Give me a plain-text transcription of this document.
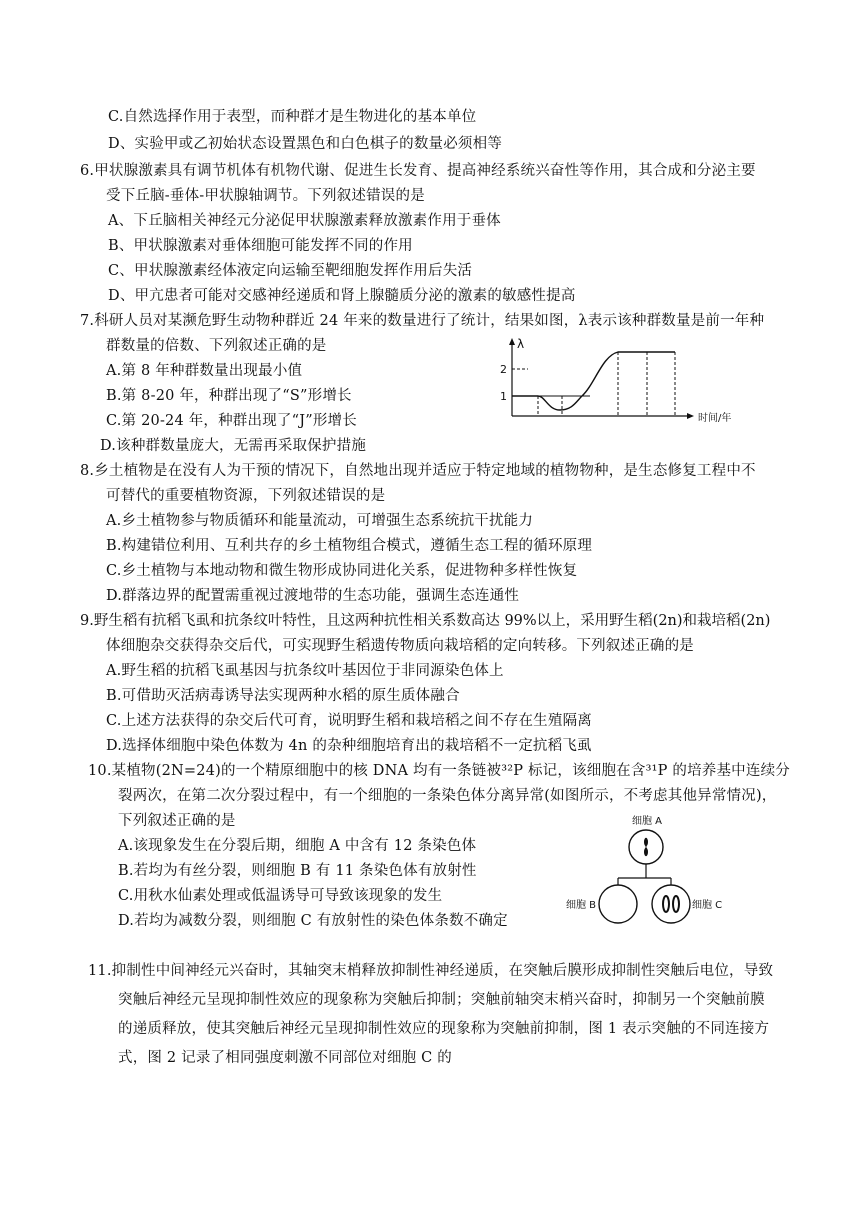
C.自然选择作用于表型，而种群才是生物进化的基本单位
D、实验甲或乙初始状态设置黑色和白色棋子的数量必须相等
6.甲状腺激素具有调节机体有机物代谢、促进生长发育、提高神经系统兴奋性等作用，其合成和分泌主要
受下丘脑-垂体-甲状腺轴调节。下列叙述错误的是
A、下丘脑相关神经元分泌促甲状腺激素释放激素作用于垂体
B、甲状腺激素对垂体细胞可能发挥不同的作用
C、甲状腺激素经体液定向运输至靶细胞发挥作用后失活
D、甲亢患者可能对交感神经递质和肾上腺髓质分泌的激素的敏感性提高
7.科研人员对某濒危野生动物种群近 24 年来的数量进行了统计，结果如图，λ表示该种群数量是前一年种
群数量的倍数、下列叙述正确的是
A.第 8 年种群数量出现最小值
B.第 8-20 年，种群出现了“S”形增长
C.第 20-24 年，种群出现了“J”形增长
D.该种群数量庞大，无需再采取保护措施
8.乡土植物是在没有人为干预的情况下，自然地出现并适应于特定地域的植物物种，是生态修复工程中不
可替代的重要植物资源，下列叙述错误的是
A.乡土植物参与物质循环和能量流动，可增强生态系统抗干扰能力
B.构建错位利用、互利共存的乡土植物组合模式，遵循生态工程的循环原理
C.乡土植物与本地动物和微生物形成协同进化关系，促进物种多样性恢复
D.群落边界的配置需重视过渡地带的生态功能，强调生态连通性
9.野生稻有抗稻飞虱和抗条纹叶特性，且这两种抗性相关系数高达 99%以上，采用野生稻(2n)和栽培稻(2n)
体细胞杂交获得杂交后代，可实现野生稻遗传物质向栽培稻的定向转移。下列叙述正确的是
A.野生稻的抗稻飞虱基因与抗条纹叶基因位于非同源染色体上
B.可借助灭活病毒诱导法实现两种水稻的原生质体融合
C.上述方法获得的杂交后代可育，说明野生稻和栽培稻之间不存在生殖隔离
D.选择体细胞中染色体数为 4n 的杂种细胞培育出的栽培稻不一定抗稻飞虱
10.某植物(2N=24)的一个精原细胞中的核 DNA 均有一条链被³²P 标记，该细胞在含³¹P 的培养基中连续分
裂两次，在第二次分裂过程中，有一个细胞的一条染色体分离异常(如图所示，不考虑其他异常情况)，
下列叙述正确的是
A.该现象发生在分裂后期，细胞 A 中含有 12 条染色体
B.若均为有丝分裂，则细胞 B 有 11 条染色体有放射性
C.用秋水仙素处理或低温诱导可导致该现象的发生
D.若均为减数分裂，则细胞 C 有放射性的染色体条数不确定
11.抑制性中间神经元兴奋时，其轴突末梢释放抑制性神经递质，在突触后膜形成抑制性突触后电位，导致
突触后神经元呈现抑制性效应的现象称为突触后抑制；突触前轴突末梢兴奋时，抑制另一个突触前膜
的递质释放，使其突触后神经元呈现抑制性效应的现象称为突触前抑制，图 1 表示突触的不同连接方
式，图 2 记录了相同强度刺激不同部位对细胞 C 的
λ
时间/年
2
1
细胞 A
细胞 B	细胞 C
